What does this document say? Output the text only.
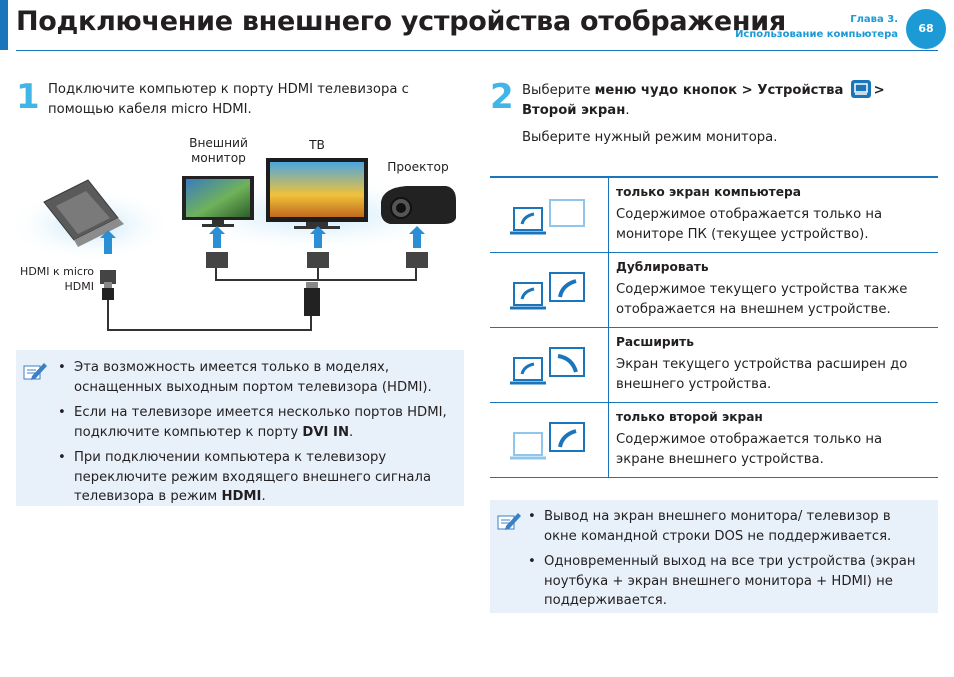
Подключение внешнего устройства отображения	Глава 3.
Использование компьютера	68
1 Подключите компьютер к порту HDMI телевизора с помощью кабеля micro HDMI.
Внешний монитор
ТВ
Проектор
HDMI к micro HDMI
• Эта возможность имеется только в моделях, оснащенных выходным портом телевизора (HDMI).
• Если на телевизоре имеется несколько портов HDMI, подключите компьютер к порту DVI IN.
• При подключении компьютера к телевизору переключите режим входящего внешнего сигнала телевизора в режим HDMI.
2 Выберите меню чудо кнопок > Устройства > Второй экран.
Выберите нужный режим монитора.

только экран компьютера
Содержимое отображается только на мониторе ПК (текущее устройство).

Дублировать
Содержимое текущего устройства также отображается на внешнем устройстве.

Расширить
Экран текущего устройства расширен до внешнего устройства.

только второй экран
Содержимое отображается только на экране внешнего устройства.
• Вывод на экран внешнего монитора/ телевизор в окне командной строки DOS не поддерживается.
• Одновременный выход на все три устройства (экран ноутбука + экран внешнего монитора + HDMI) не поддерживается.
